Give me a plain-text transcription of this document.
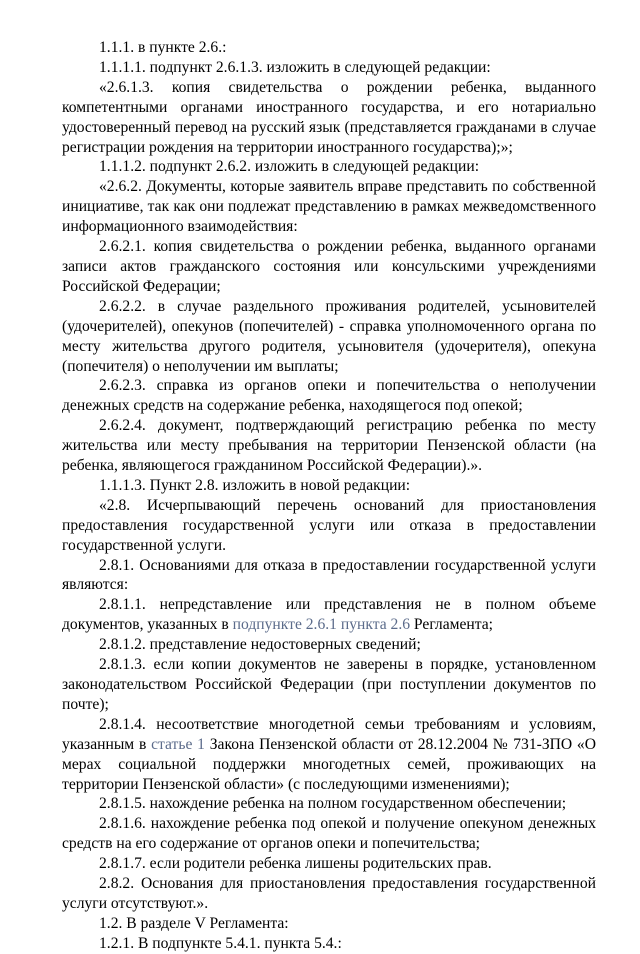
1.1.1. в пункте 2.6.:

1.1.1.1. подпункт 2.6.1.3. изложить в следующей редакции:

«2.6.1.3. копия свидетельства о рождении ребенка, выданного компетентными органами иностранного государства, и его нотариально удостоверенный перевод на русский язык (представляется гражданами в случае регистрации рождения на территории иностранного государства);»;

1.1.1.2. подпункт 2.6.2. изложить в следующей редакции:

«2.6.2. Документы, которые заявитель вправе представить по собственной инициативе, так как они подлежат представлению в рамках межведомственного информационного взаимодействия:

2.6.2.1. копия свидетельства о рождении ребенка, выданного органами записи актов гражданского состояния или консульскими учреждениями Российской Федерации;

2.6.2.2. в случае раздельного проживания родителей, усыновителей (удочерителей), опекунов (попечителей) - справка уполномоченного органа по месту жительства другого родителя, усыновителя (удочерителя), опекуна (попечителя) о неполучении им выплаты;

2.6.2.3. справка из органов опеки и попечительства о неполучении денежных средств на содержание ребенка, находящегося под опекой;

2.6.2.4. документ, подтверждающий регистрацию ребенка по месту жительства или месту пребывания на территории Пензенской области (на ребенка, являющегося гражданином Российской Федерации).».

1.1.1.3. Пункт 2.8. изложить в новой редакции:

«2.8. Исчерпывающий перечень оснований для приостановления предоставления государственной услуги или отказа в предоставлении государственной услуги.

2.8.1. Основаниями для отказа в предоставлении государственной услуги являются:

2.8.1.1. непредставление или представления не в полном объеме документов, указанных в подпункте 2.6.1 пункта 2.6 Регламента;

2.8.1.2. представление недостоверных сведений;

2.8.1.3. если копии документов не заверены в порядке, установленном законодательством Российской Федерации (при поступлении документов по почте);

2.8.1.4. несоответствие многодетной семьи требованиям и условиям, указанным в статье 1 Закона Пензенской области от 28.12.2004 № 731-ЗПО «О мерах социальной поддержки многодетных семей, проживающих на территории Пензенской области» (с последующими изменениями);

2.8.1.5. нахождение ребенка на полном государственном обеспечении;

2.8.1.6. нахождение ребенка под опекой и получение опекуном денежных средств на его содержание от органов опеки и попечительства;

2.8.1.7. если родители ребенка лишены родительских прав.

2.8.2. Основания для приостановления предоставления государственной услуги отсутствуют.».

1.2. В разделе V Регламента:

1.2.1. В подпункте 5.4.1. пункта 5.4.:
